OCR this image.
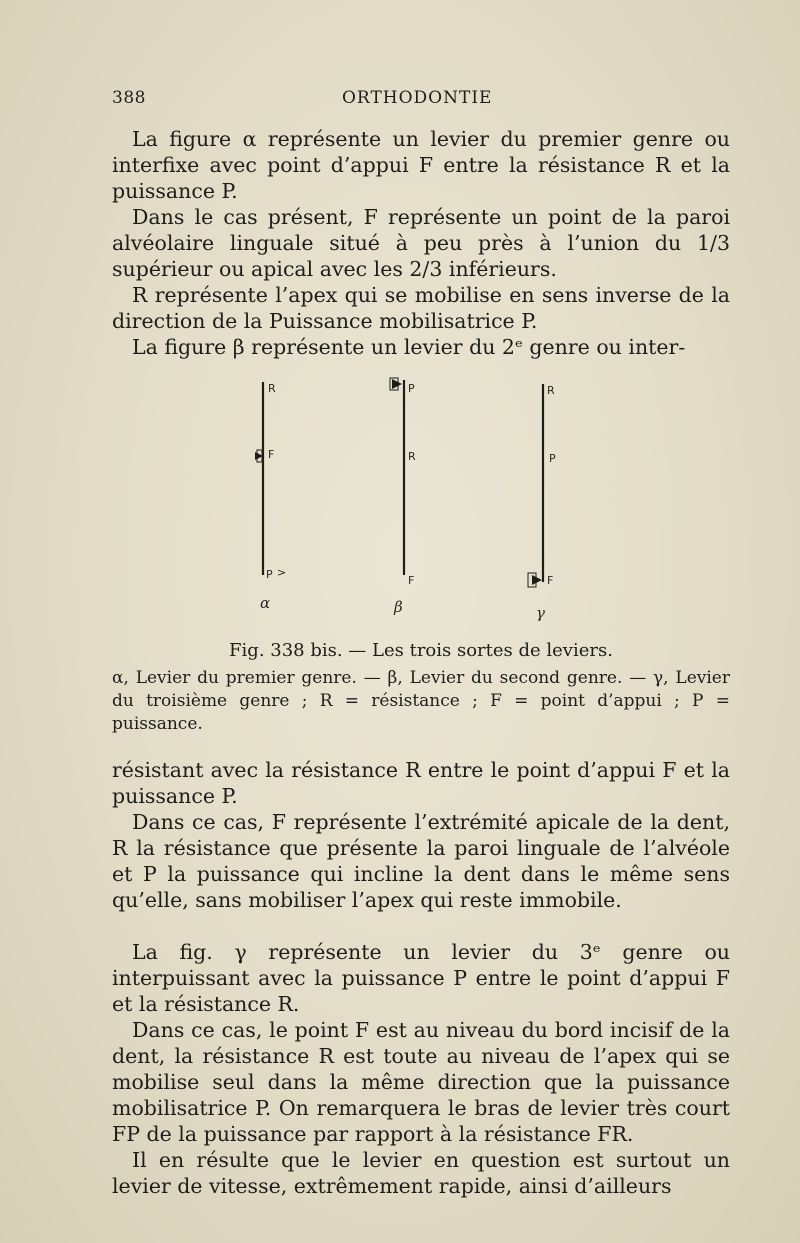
388	ORTHODONTIE

La figure α représente un levier du premier genre ou interfixe avec point d’appui F entre la résistance R et la puissance P.

Dans le cas présent, F représente un point de la paroi alvéolaire linguale situé à peu près à l’union du 1/3 supérieur ou apical avec les 2/3 inférieurs.

R représente l’apex qui se mobilise en sens inverse de la direction de la Puissance mobilisatrice P.

La figure β représente un levier du 2ᵉ genre ou inter-

R
F
P >
α
P
R
F
β
R
P
F
γ
Fig. 338 bis. — Les trois sortes de leviers.
α, Levier du premier genre. — β, Levier du second genre. — γ, Levier du troisième genre ; R = résistance ; F = point d’appui ; P = puissance.

résistant avec la résistance R entre le point d’appui F et la puissance P.

Dans ce cas, F représente l’extrémité apicale de la dent, R la résistance que présente la paroi linguale de l’alvéole et P la puissance qui incline la dent dans le même sens qu’elle, sans mobiliser l’apex qui reste immobile.

La fig. γ représente un levier du 3ᵉ genre ou interpuissant avec la puissance P entre le point d’appui F et la résistance R.

Dans ce cas, le point F est au niveau du bord incisif de la dent, la résistance R est toute au niveau de l’apex qui se mobilise seul dans la même direction que la puissance mobilisatrice P. On remarquera le bras de levier très court FP de la puissance par rapport à la résistance FR.

Il en résulte que le levier en question est surtout un levier de vitesse, extrêmement rapide, ainsi d’ailleurs
